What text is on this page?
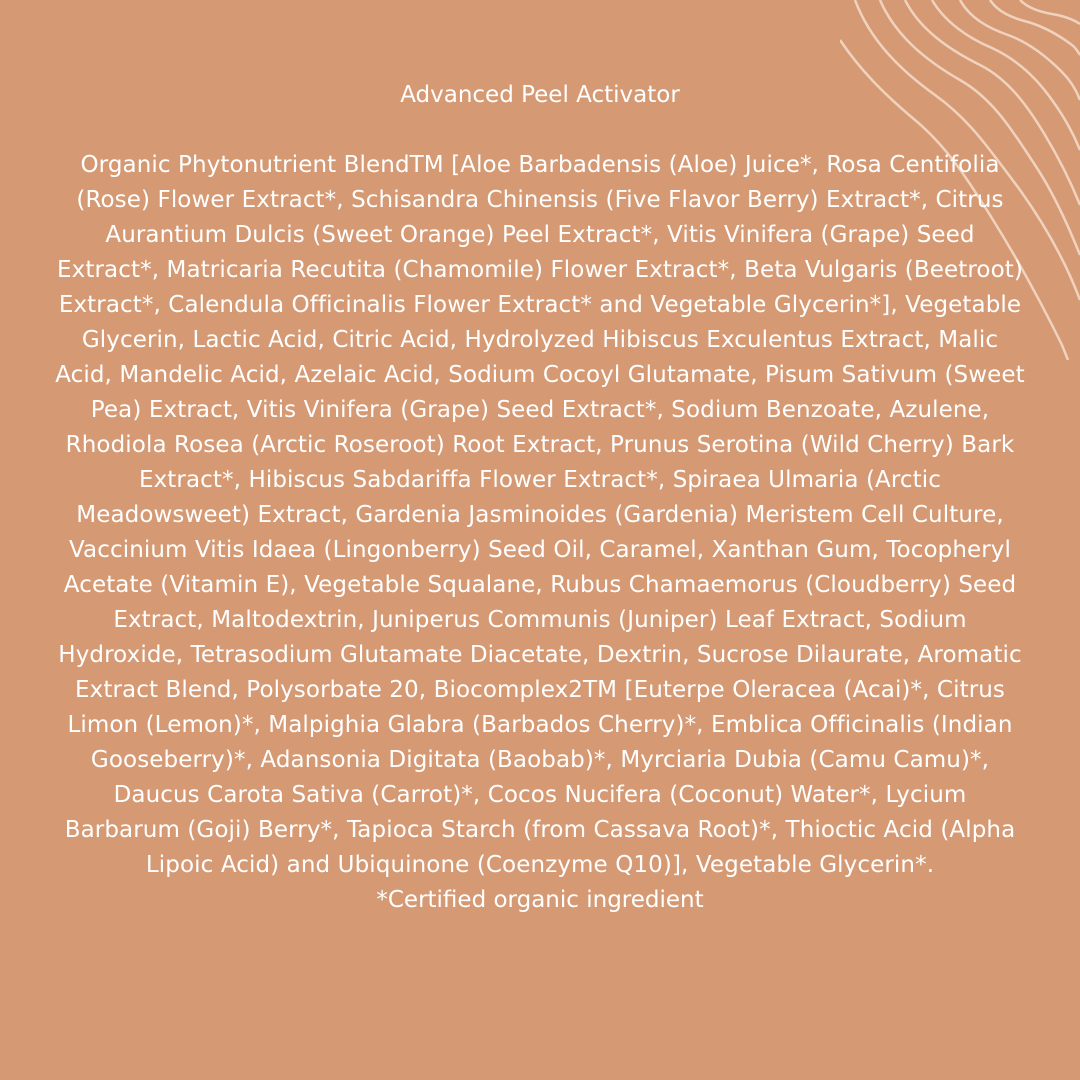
Advanced Peel Activator

Organic Phytonutrient BlendTM [Aloe Barbadensis (Aloe) Juice*, Rosa Centifolia (Rose) Flower Extract*, Schisandra Chinensis (Five Flavor Berry) Extract*, Citrus Aurantium Dulcis (Sweet Orange) Peel Extract*, Vitis Vinifera (Grape) Seed Extract*, Matricaria Recutita (Chamomile) Flower Extract*, Beta Vulgaris (Beetroot) Extract*, Calendula Officinalis Flower Extract* and Vegetable Glycerin*], Vegetable Glycerin, Lactic Acid, Citric Acid, Hydrolyzed Hibiscus Exculentus Extract, Malic Acid, Mandelic Acid, Azelaic Acid, Sodium Cocoyl Glutamate, Pisum Sativum (Sweet Pea) Extract, Vitis Vinifera (Grape) Seed Extract*, Sodium Benzoate, Azulene, Rhodiola Rosea (Arctic Roseroot) Root Extract, Prunus Serotina (Wild Cherry) Bark Extract*, Hibiscus Sabdariffa Flower Extract*, Spiraea Ulmaria (Arctic Meadowsweet) Extract, Gardenia Jasminoides (Gardenia) Meristem Cell Culture, Vaccinium Vitis Idaea (Lingonberry) Seed Oil, Caramel, Xanthan Gum, Tocopheryl Acetate (Vitamin E), Vegetable Squalane, Rubus Chamaemorus (Cloudberry) Seed Extract, Maltodextrin, Juniperus Communis (Juniper) Leaf Extract, Sodium Hydroxide, Tetrasodium Glutamate Diacetate, Dextrin, Sucrose Dilaurate, Aromatic Extract Blend, Polysorbate 20, Biocomplex2TM [Euterpe Oleracea (Acai)*, Citrus Limon (Lemon)*, Malpighia Glabra (Barbados Cherry)*, Emblica Officinalis (Indian Gooseberry)*, Adansonia Digitata (Baobab)*, Myrciaria Dubia (Camu Camu)*, Daucus Carota Sativa (Carrot)*, Cocos Nucifera (Coconut) Water*, Lycium Barbarum (Goji) Berry*, Tapioca Starch (from Cassava Root)*, Thioctic Acid (Alpha Lipoic Acid) and Ubiquinone (Coenzyme Q10)], Vegetable Glycerin*.

*Certified organic ingredient
